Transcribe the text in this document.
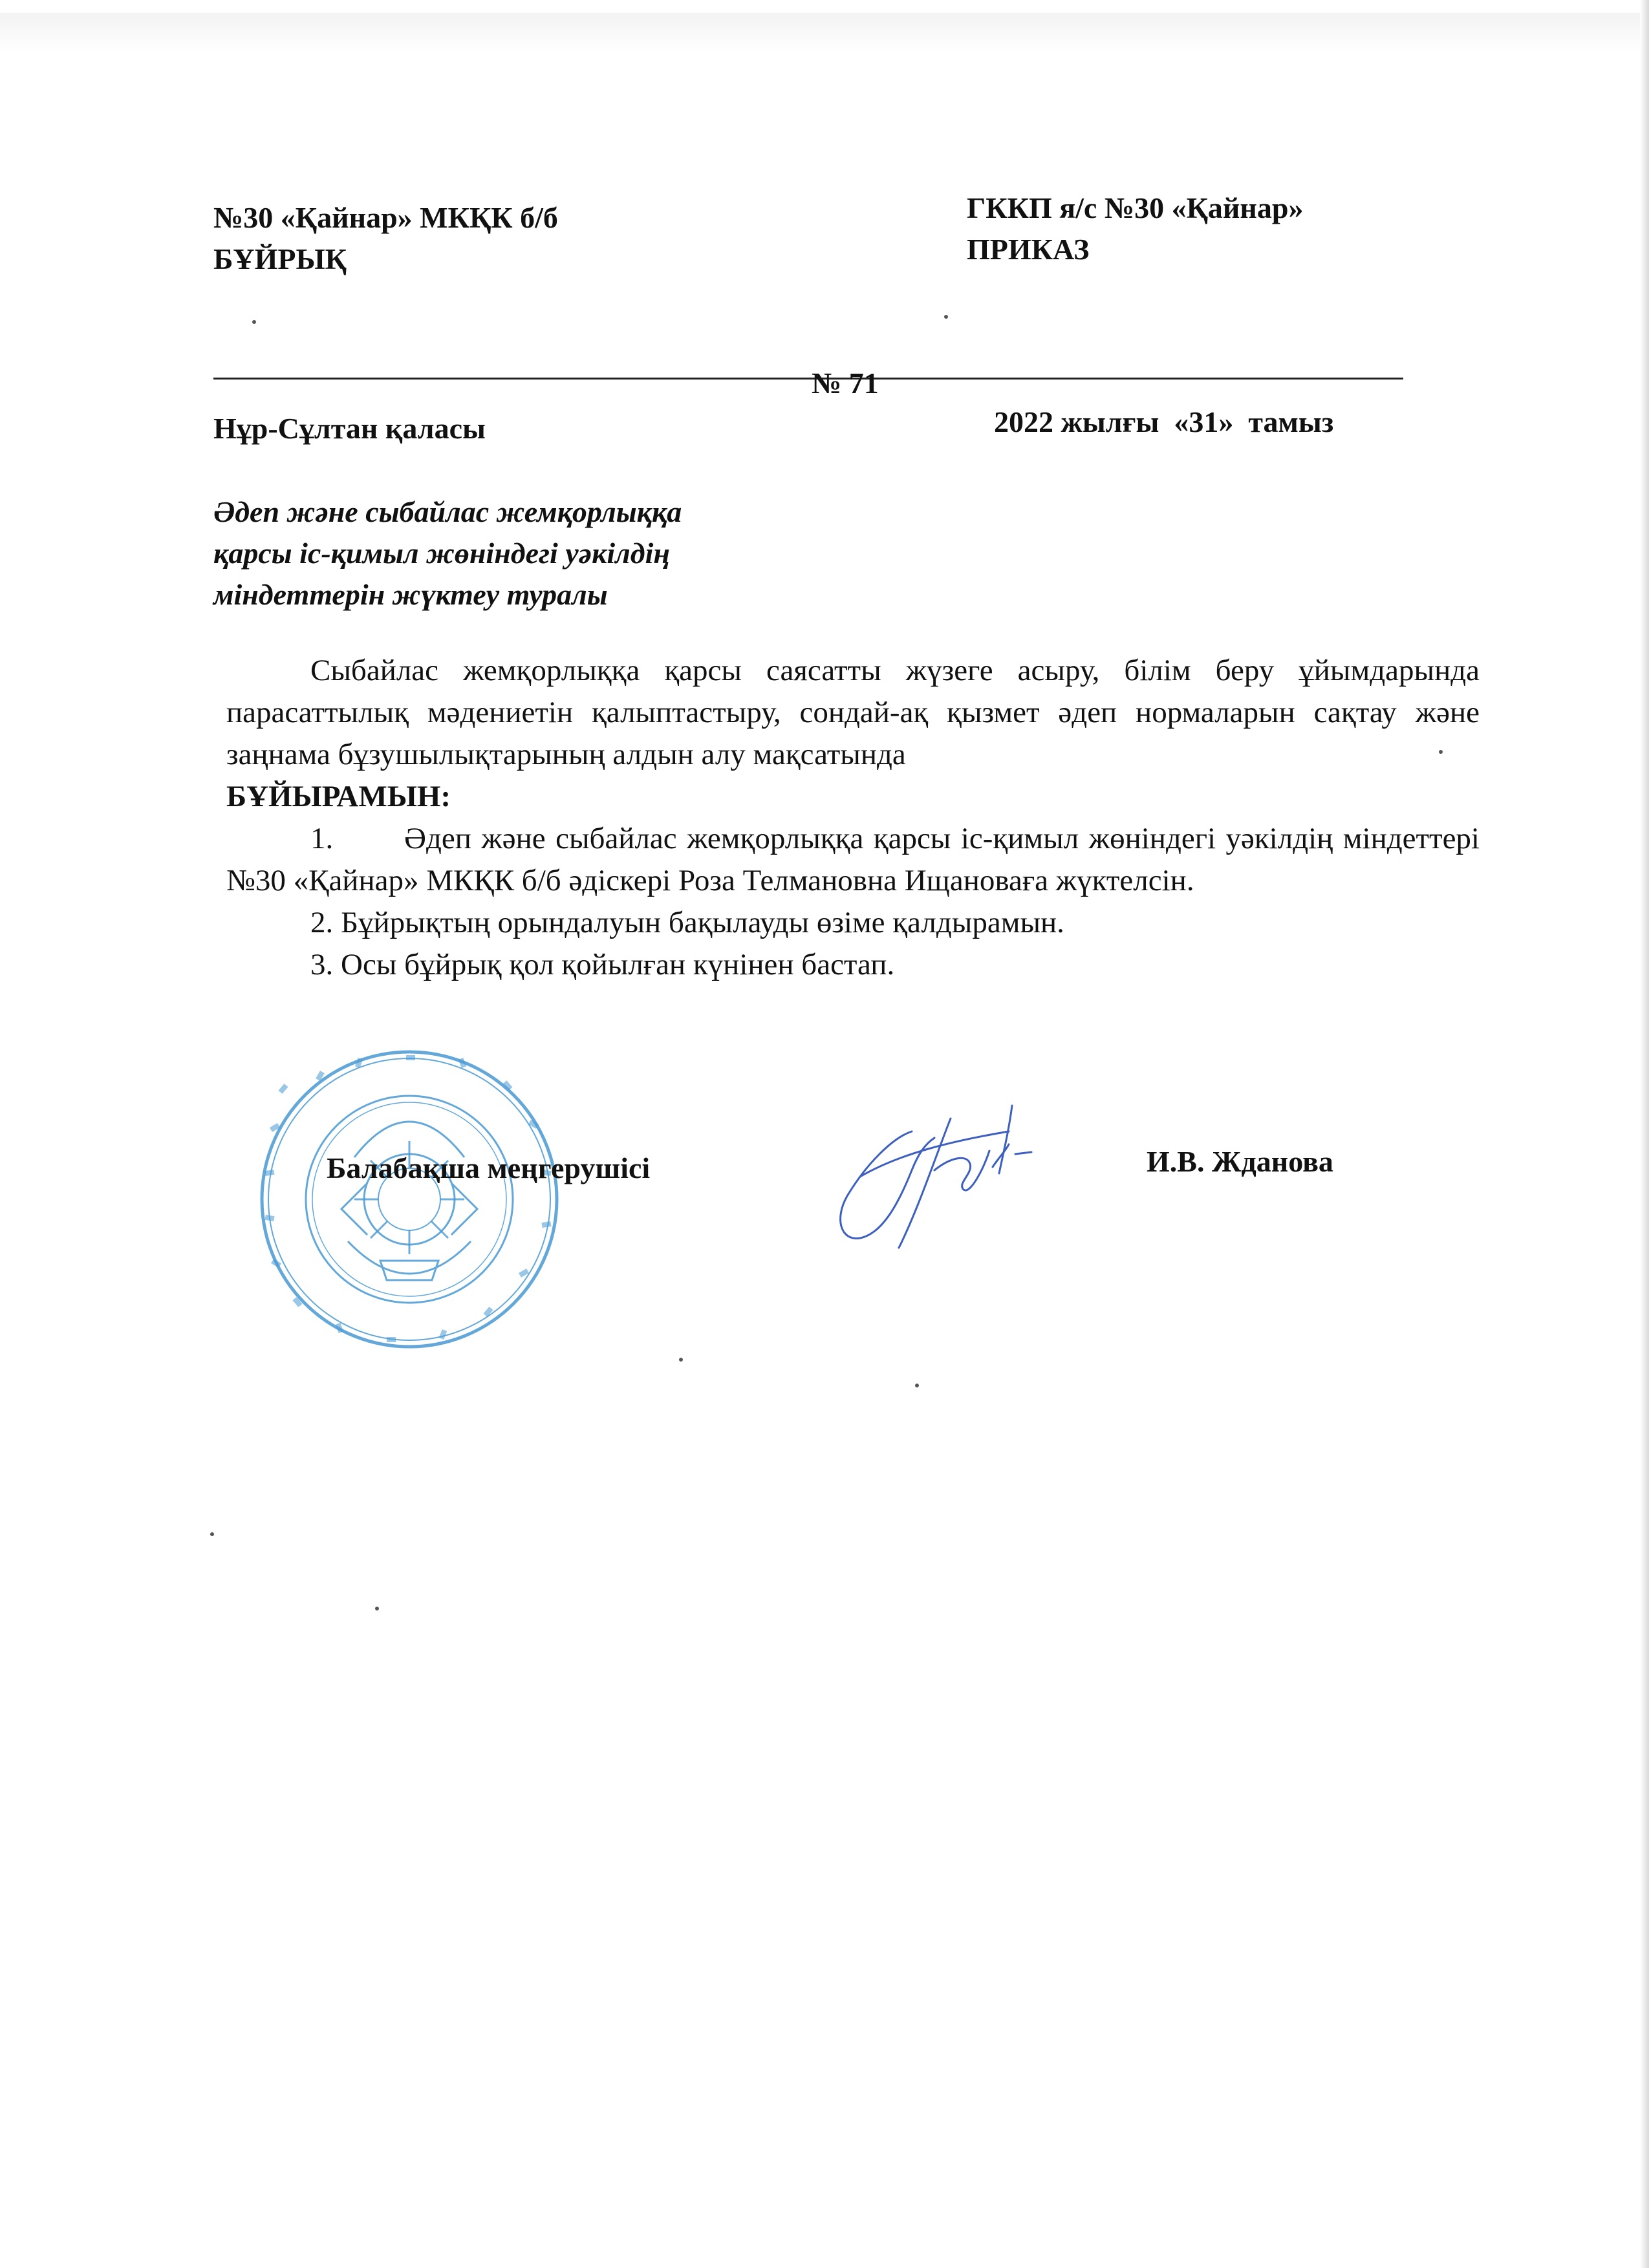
№30 «Қайнар» МКҚК б/б
БҰЙРЫҚ
ГККП я/с №30 «Қайнар»
ПРИКАЗ
№ 71
Нұр-Сұлтан қаласы	2022 жылғы  «31»  тамыз
Әдеп және сыбайлас жемқорлыққа
қарсы іс-қимыл жөніндегі уәкілдің
міндеттерін жүктеу туралы

Сыбайлас жемқорлыққа қарсы саясатты жүзеге асыру, білім беру ұйымдарында парасаттылық мәдениетін қалыптастыру, сондай-ақ қызмет әдеп нормаларын сақтау және заңнама бұзушылықтарының алдын алу мақсатында

БҰЙЫРАМЫН:

1. Әдеп және сыбайлас жемқорлыққа қарсы іс-қимыл жөніндегі уәкілдің міндеттері №30 «Қайнар» МКҚК б/б әдіскері Роза Телмановна Ищановаға жүктелсін.

2. Бұйрықтың орындалуын бақылауды өзіме қалдырамын.

3. Осы бұйрық қол қойылған күнінен бастап.

Балабақша меңгерушісі	И.В. Жданова
